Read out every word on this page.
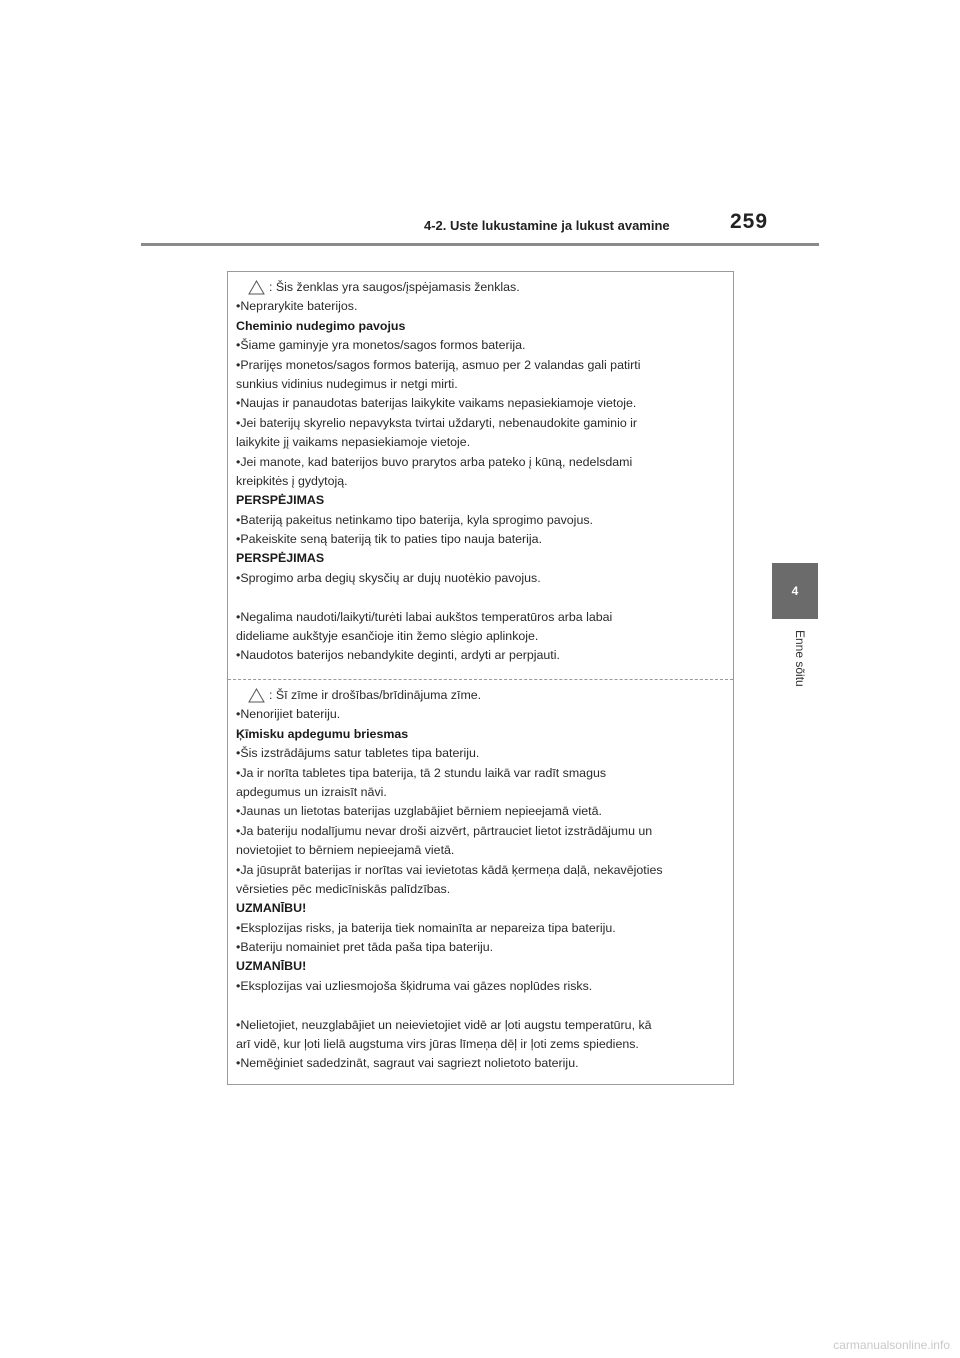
4-2. Uste lukustamine ja lukust avamine	259
4
Enne sõitu
: Šis ženklas yra saugos/įspėjamasis ženklas.
•Neprarykite baterijos.
Cheminio nudegimo pavojus
•Šiame gaminyje yra monetos/sagos formos baterija.
•Prarijęs monetos/sagos formos bateriją, asmuo per 2 valandas gali patirti
sunkius vidinius nudegimus ir netgi mirti.
•Naujas ir panaudotas baterijas laikykite vaikams nepasiekiamoje vietoje.
•Jei baterijų skyrelio nepavyksta tvirtai uždaryti, nebenaudokite gaminio ir
laikykite jį vaikams nepasiekiamoje vietoje.
•Jei manote, kad baterijos buvo prarytos arba pateko į kūną, nedelsdami
kreipkitės į gydytoją.
PERSPĖJIMAS
•Bateriją pakeitus netinkamo tipo baterija, kyla sprogimo pavojus.
•Pakeiskite seną bateriją tik to paties tipo nauja baterija.
PERSPĖJIMAS
•Sprogimo arba degių skysčių ar dujų nuotėkio pavojus.
•Negalima naudoti/laikyti/turėti labai aukštos temperatūros arba labai
dideliame aukštyje esančioje itin žemo slėgio aplinkoje.
•Naudotos baterijos nebandykite deginti, ardyti ar perpjauti.
: Šī zīme ir drošības/brīdinājuma zīme.
•Nenorijiet bateriju.
Ķīmisku apdegumu briesmas
•Šis izstrādājums satur tabletes tipa bateriju.
•Ja ir norīta tabletes tipa baterija, tā 2 stundu laikā var radīt smagus
apdegumus un izraisīt nāvi.
•Jaunas un lietotas baterijas uzglabājiet bērniem nepieejamā vietā.
•Ja bateriju nodalījumu nevar droši aizvērt, pārtrauciet lietot izstrādājumu un
novietojiet to bērniem nepieejamā vietā.
•Ja jūsuprāt baterijas ir norītas vai ievietotas kādā ķermeņa daļā, nekavējoties
vērsieties pēc medicīniskās palīdzības.
UZMANĪBU!
•Eksplozijas risks, ja baterija tiek nomainīta ar nepareiza tipa bateriju.
•Bateriju nomainiet pret tāda paša tipa bateriju.
UZMANĪBU!
•Eksplozijas vai uzliesmojoša šķidruma vai gāzes noplūdes risks.
•Nelietojiet, neuzglabājiet un neievietojiet vidē ar ļoti augstu temperatūru, kā
arī vidē, kur ļoti lielā augstuma virs jūras līmeņa dēļ ir ļoti zems spiediens.
•Nemēģiniet sadedzināt, sagraut vai sagriezt nolietoto bateriju.
carmanualsonline.info
